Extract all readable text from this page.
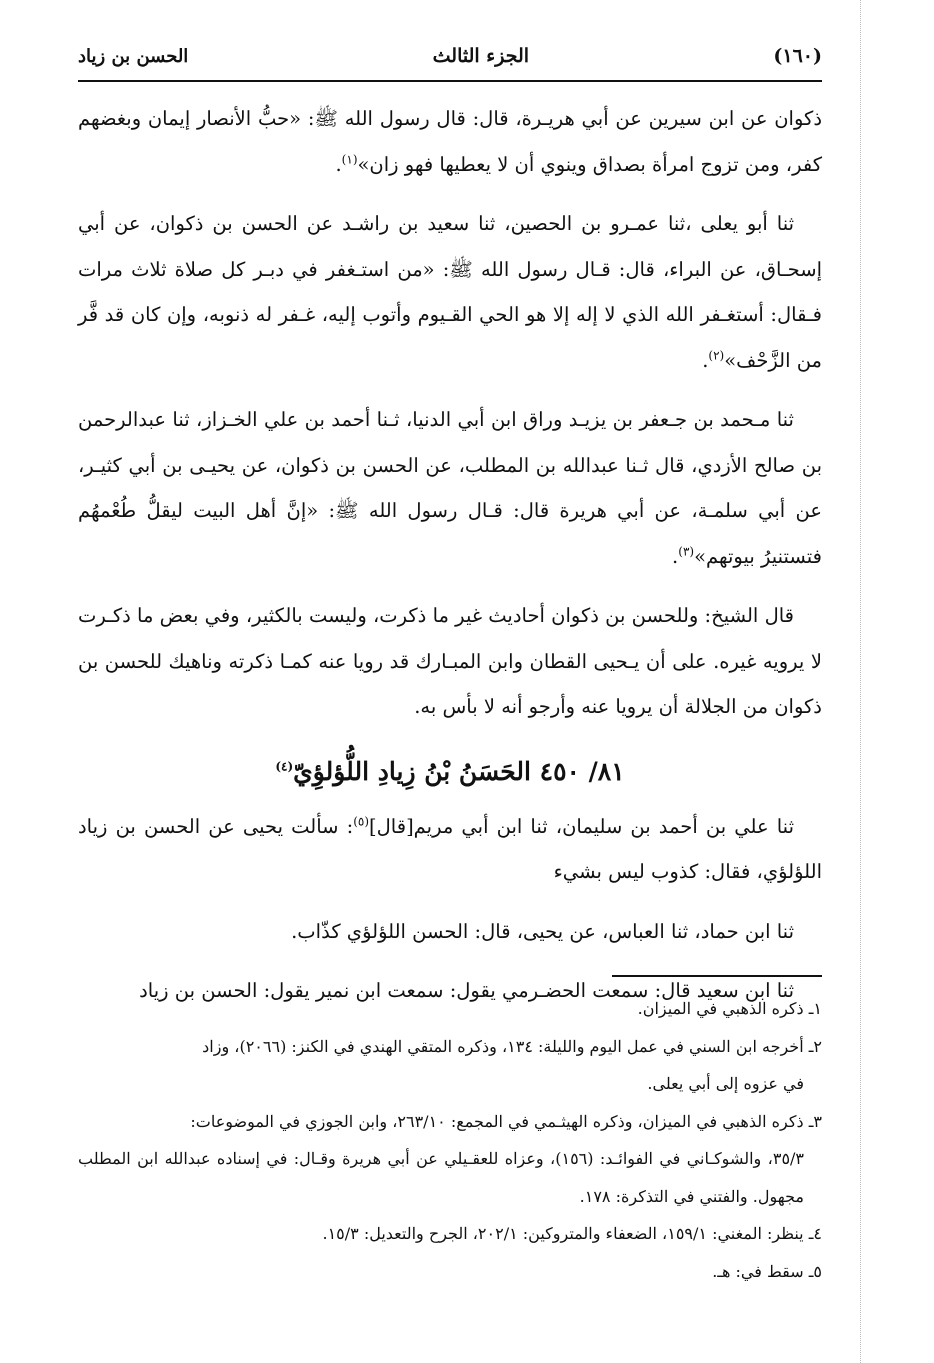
(١٦٠)
الجزء الثالث
الحسن بن زياد

ذكوان عن ابن سيرين عن أبي هريـرة، قال: قال رسول الله ﷺ: «حبُّ الأنصار إيمان وبغضهم كفر، ومن تزوج امرأة بصداق وينوي أن لا يعطيها فهو زان»$^{(١)}$.

ثنا أبو يعلى ،ثنا عمـرو بن الحصين، ثنا سعيد بن راشـد عن الحسن بن ذكوان، عن أبي إسحـاق، عن البراء، قال: قـال رسول الله ﷺ: «من استـغفر في دبـر كل صلاة ثلاث مرات فـقال: أستغـفر الله الذي لا إله إلا هو الحي القـيوم وأتوب إليه، غـفر له ذنوبه، وإن كان قد فَّر من الزَّحْف»$^{(٢)}$.

ثنا مـحمد بن جـعفر بن يزيـد وراق ابن أبي الدنيا، ثـنا أحمد بن علي الخـزاز، ثنا عبدالرحمن بن صالح الأزدي، قال ثـنا عبدالله بن المطلب، عن الحسن بن ذكوان، عن يحيـى بن أبي كثيـر، عن أبي سلمـة، عن أبي هريرة قال: قـال رسول الله ﷺ: «إنَّ أهل البيت ليقلُّ طُعْمهُم فتستنيرُ بيوتهم»$^{(٣)}$.

قال الشيخ: وللحسن بن ذكوان أحاديث غير ما ذكرت، وليست بالكثير، وفي بعض ما ذكـرت لا يرويه غيره. على أن يـحيى القطان وابن المبـارك قد رويا عنه كمـا ذكرته وناهيك للحسن بن ذكوان من الجلالة أن يرويا عنه وأرجو أنه لا بأس به.

٨١/ ٤٥٠ الحَسَنُ بْنُ زِيادِ اللُّؤلؤِيّ$^{(٤)}$

ثنا علي بن أحمد بن سليمان، ثنا ابن أبي مريم[قال]$^{(٥)}$: سألت يحيى عن الحسن بن زياد اللؤلؤي، فقال: كذوب ليس بشيء

ثنا ابن حماد، ثنا العباس، عن يحيى، قال: الحسن اللؤلؤي كذّاب.

ثنا ابن سعيد قال: سمعت الحضـرمي يقول: سمعت ابن نمير يقول: الحسن بن زياد

١ـ ذكره الذهبي في الميزان.

٢ـ أخرجه ابن السني في عمل اليوم والليلة: ١٣٤، وذكره المتقي الهندي في الكنز: (٢٠٦٦)، وزاد
في عزوه إلى أبي يعلى.

٣ـ ذكره الذهبي في الميزان، وذكره الهيثـمي في المجمع: ٢٦٣/١٠، وابن الجوزي في الموضوعات:
٣٥/٣، والشوكـاني في الفوائـد: (١٥٦)، وعزاه للعقـيلي عن أبي هريرة وقـال: في إسناده عبدالله ابن المطلب مجهول. والفتني في التذكرة: ١٧٨.

٤ـ ينظر: المغني: ١٥٩/١، الضعفاء والمتروكين: ٢٠٢/١، الجرح والتعديل: ١٥/٣.

٥ـ سقط في: هـ.
